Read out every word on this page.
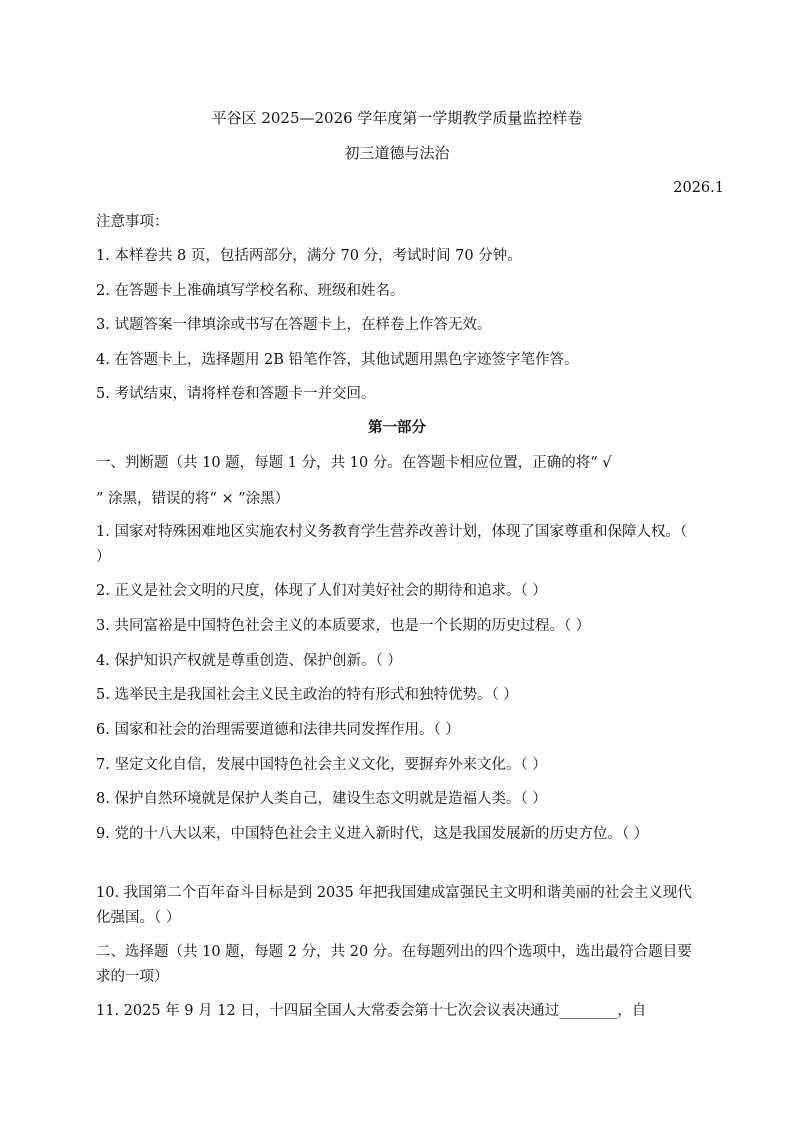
平谷区 2025—2026 学年度第一学期教学质量监控样卷
初三道德与法治
2026.1
注意事项：
1. 本样卷共 8 页，包括两部分，满分 70 分，考试时间 70 分钟。
2. 在答题卡上准确填写学校名称、班级和姓名。
3. 试题答案一律填涂或书写在答题卡上，在样卷上作答无效。
4. 在答题卡上，选择题用 2B 铅笔作答，其他试题用黑色字迹签字笔作答。
5. 考试结束，请将样卷和答题卡一并交回。
第一部分
一、判断题（共 10 题，每题 1 分，共 10 分。在答题卡相应位置，正确的将“ √
” 涂黑，错误的将“ × ”涂黑）
1. 国家对特殊困难地区实施农村义务教育学生营养改善计划，体现了国家尊重和保障人权。（ ）
2. 正义是社会文明的尺度，体现了人们对美好社会的期待和追求。（ ）
3. 共同富裕是中国特色社会主义的本质要求，也是一个长期的历史过程。（ ）
4. 保护知识产权就是尊重创造、保护创新。（ ）
5. 选举民主是我国社会主义民主政治的特有形式和独特优势。（ ）
6. 国家和社会的治理需要道德和法律共同发挥作用。（ ）
7. 坚定文化自信，发展中国特色社会主义文化，要摒弃外来文化。（ ）
8. 保护自然环境就是保护人类自己，建设生态文明就是造福人类。（ ）
9. 党的十八大以来，中国特色社会主义进入新时代，这是我国发展新的历史方位。（ ）
10. 我国第二个百年奋斗目标是到 2035 年把我国建成富强民主文明和谐美丽的社会主义现代化强国。（ ）
二、选择题（共 10 题，每题 2 分，共 20 分。在每题列出的四个选项中，选出最符合题目要求的一项）
11. 2025 年 9 月 12 日，十四届全国人大常委会第十七次会议表决通过________，自
